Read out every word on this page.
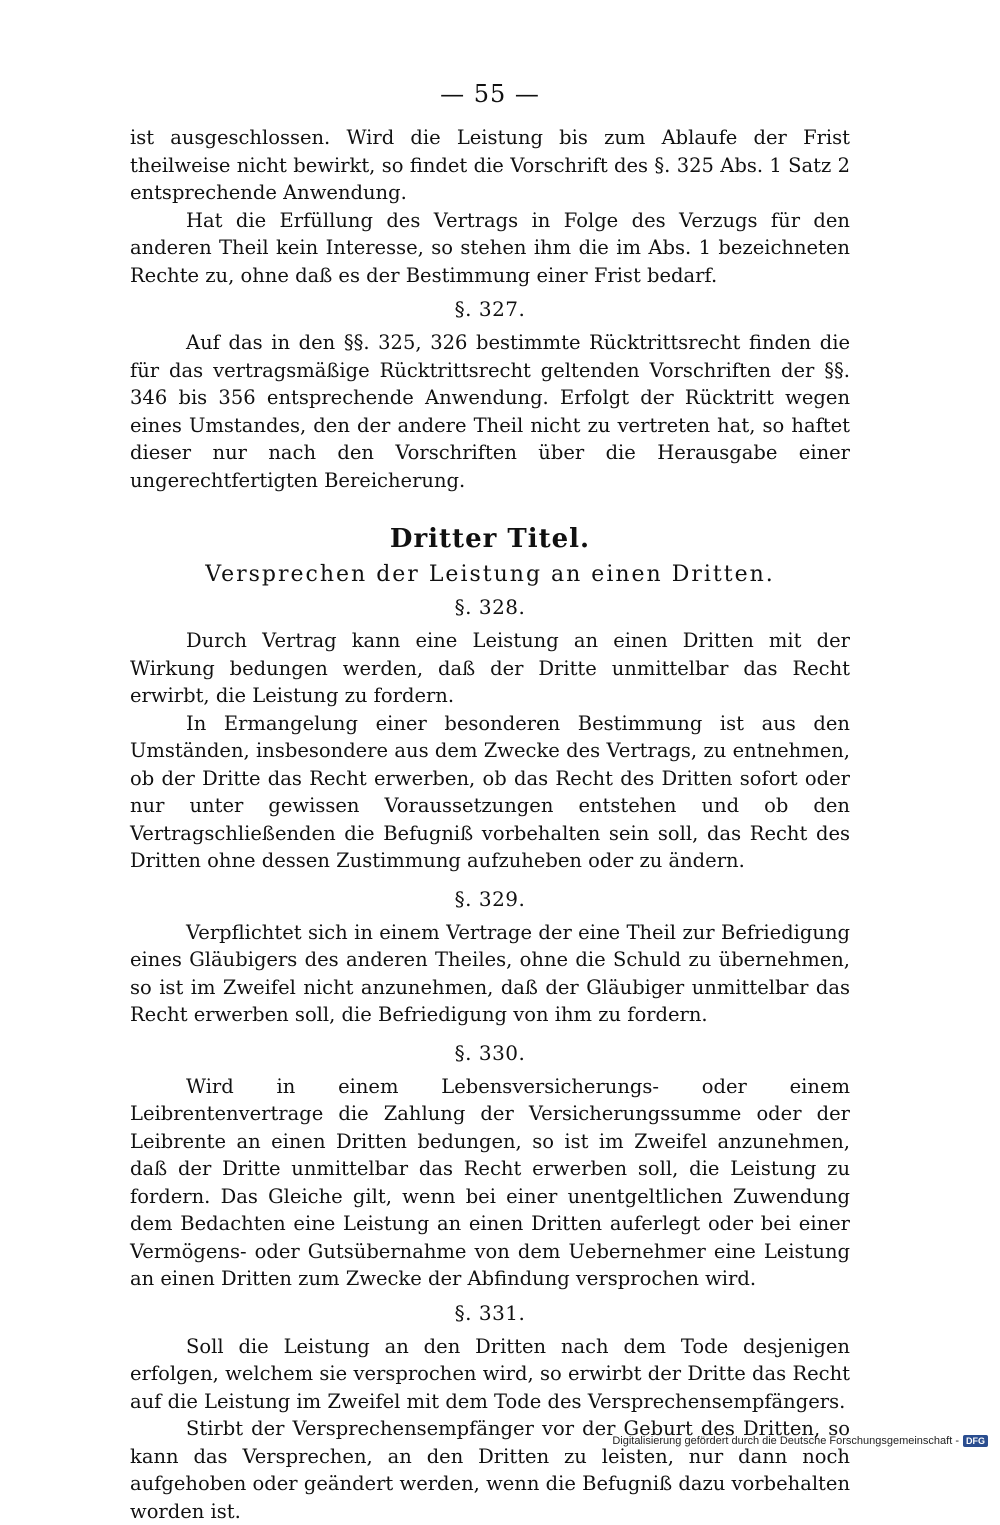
— 55 —

ist ausgeschlossen. Wird die Leistung bis zum Ablaufe der Frist theilweise nicht bewirkt, so findet die Vorschrift des §. 325 Abs. 1 Satz 2 entsprechende Anwendung.

Hat die Erfüllung des Vertrags in Folge des Verzugs für den anderen Theil kein Interesse, so stehen ihm die im Abs. 1 bezeichneten Rechte zu, ohne daß es der Bestimmung einer Frist bedarf.

§. 327.

Auf das in den §§. 325, 326 bestimmte Rücktrittsrecht finden die für das vertragsmäßige Rücktrittsrecht geltenden Vorschriften der §§. 346 bis 356 entsprechende Anwendung. Erfolgt der Rücktritt wegen eines Umstandes, den der andere Theil nicht zu vertreten hat, so haftet dieser nur nach den Vorschriften über die Herausgabe einer ungerechtfertigten Bereicherung.

Dritter Titel.
Versprechen der Leistung an einen Dritten.
§. 328.

Durch Vertrag kann eine Leistung an einen Dritten mit der Wirkung bedungen werden, daß der Dritte unmittelbar das Recht erwirbt, die Leistung zu fordern.

In Ermangelung einer besonderen Bestimmung ist aus den Umständen, insbesondere aus dem Zwecke des Vertrags, zu entnehmen, ob der Dritte das Recht erwerben, ob das Recht des Dritten sofort oder nur unter gewissen Voraussetzungen entstehen und ob den Vertragschließenden die Befugniß vorbehalten sein soll, das Recht des Dritten ohne dessen Zustimmung aufzuheben oder zu ändern.

§. 329.

Verpflichtet sich in einem Vertrage der eine Theil zur Befriedigung eines Gläubigers des anderen Theiles, ohne die Schuld zu übernehmen, so ist im Zweifel nicht anzunehmen, daß der Gläubiger unmittelbar das Recht erwerben soll, die Befriedigung von ihm zu fordern.

§. 330.

Wird in einem Lebensversicherungs- oder einem Leibrentenvertrage die Zahlung der Versicherungssumme oder der Leibrente an einen Dritten bedungen, so ist im Zweifel anzunehmen, daß der Dritte unmittelbar das Recht erwerben soll, die Leistung zu fordern. Das Gleiche gilt, wenn bei einer unentgeltlichen Zuwendung dem Bedachten eine Leistung an einen Dritten auferlegt oder bei einer Vermögens- oder Gutsübernahme von dem Uebernehmer eine Leistung an einen Dritten zum Zwecke der Abfindung versprochen wird.

§. 331.

Soll die Leistung an den Dritten nach dem Tode desjenigen erfolgen, welchem sie versprochen wird, so erwirbt der Dritte das Recht auf die Leistung im Zweifel mit dem Tode des Versprechensempfängers.

Stirbt der Versprechensempfänger vor der Geburt des Dritten, so kann das Versprechen, an den Dritten zu leisten, nur dann noch aufgehoben oder geändert werden, wenn die Befugniß dazu vorbehalten worden ist.

Digitalisierung gefördert durch die Deutsche Forschungsgemeinschaft - DFG
